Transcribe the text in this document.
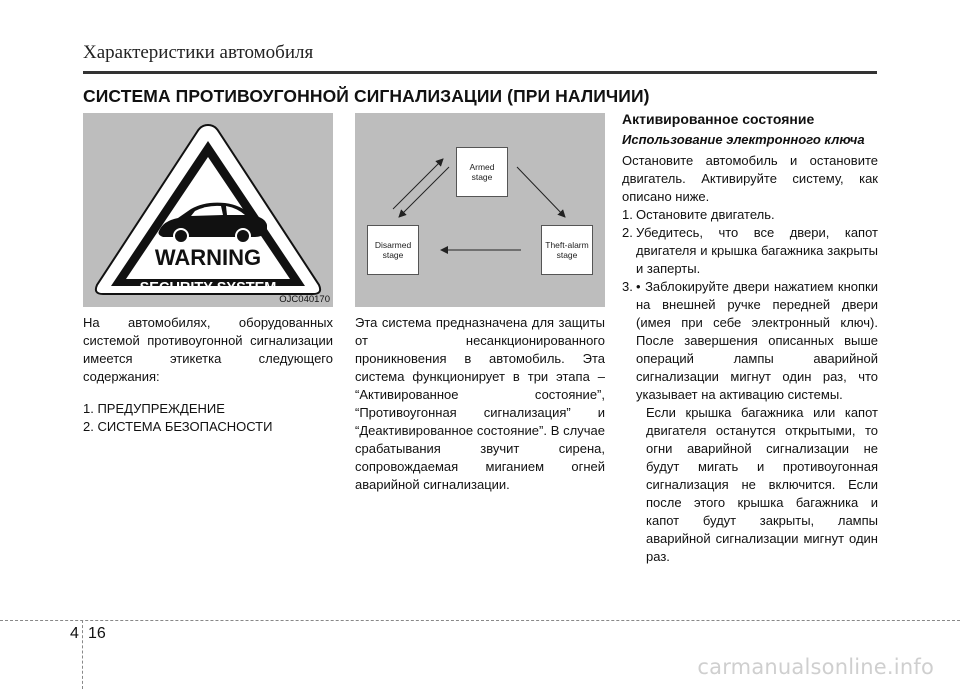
Характеристики автомобиля
СИСТЕМА ПРОТИВОУГОННОЙ СИГНАЛИЗАЦИИ (ПРИ НАЛИЧИИ)
WARNING
SECURITY SYSTEM
OJC040170
Armed
stage
Disarmed
stage
Theft-alarm
stage

На автомобилях, оборудованных системой противоугонной сигнализации имеется этикетка следующего содержания:

1. ПРЕДУПРЕЖДЕНИЕ
2. СИСТЕМА БЕЗОПАСНОСТИ

Эта система предназначена для защиты от несанкционированного проникновения в автомобиль. Эта система функционирует в три этапа – “Активированное состояние”, “Противоугонная сигнализация” и “Деактивированное состояние”. В случае срабатывания звучит сирена, сопровождаемая миганием огней аварийной сигнализации.

Активированное состояние
Использование электронного ключа

Остановите автомобиль и остановите двигатель. Активируйте систему, как описано ниже.

1. Остановите двигатель.
2. Убедитесь, что все двери, капот двигателя и крышка багажника закрыты и заперты.
3. • Заблокируйте двери нажатием кнопки на внешней ручке передней двери (имея при себе электронный ключ). После завершения описанных выше операций лампы аварийной сигнализации мигнут один раз, что указывает на активацию системы.

Если крышка багажника или капот двигателя останутся открытыми, то огни аварийной сигнализации не будут мигать и противоугонная сигнализация не включится. Если после этого крышка багажника и капот будут закрыты, лампы аварийной сигнализации мигнут один раз.

4 16
carmanualsonline.info
